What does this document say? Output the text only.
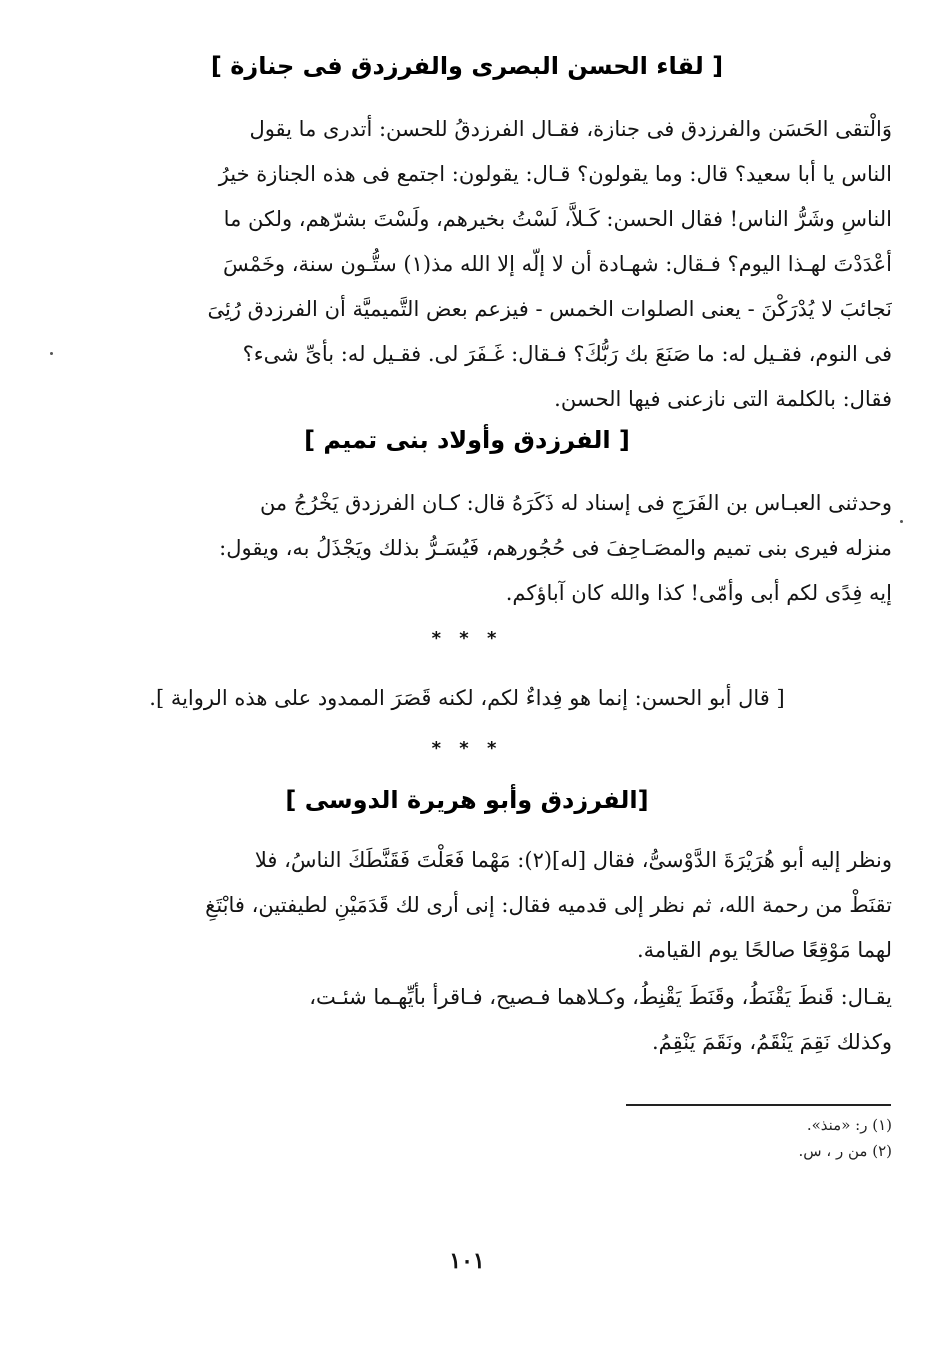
[ لقاء الحسن البصرى والفرزدق فى جنازة ]
وَالْتقى الحَسَن والفرزدق فى جنازة، فقـال الفرزدقُ للحسن: أتدرى ما يقول
الناس يا أبا سعيد؟ قال: وما يقولون؟ قـال: يقولون: اجتمع فى هذه الجنازة خيرُ
الناسِ وشَرُّ الناس! فقال الحسن: كَـلاَّ، لَسْتُ بخيرهم، ولَسْتَ بشرّهم، ولكن ما
أعْدَدْتَ لهـذا اليوم؟ فـقال: شهـادة أن لا إلّه إلا الله مذ(١) ستُّـون سنة، وخَمْسَ
نَجائبَ لا يُدْرَكْنَ - يعنى الصلوات الخمس - فيزعم بعض التَّميميَّة أن الفرزدق رُئِىَ
فى النوم، فقـيل له: ما صَنَعَ بك رَبُّكَ؟ فـقال: غَـفَرَ لى. فقـيل له: بأىِّ شىء؟
فقال: بالكلمة التى نازعنى فيها الحسن.
[ الفرزدق وأولاد بنى تميم ]
وحدثنى العبـاس بن الفَرَجِ فى إسناد له ذَكَرَهُ قال: كـان الفرزدق يَخْرُجُ من
منزله فيرى بنى تميم والمصَـاحِفَ فى حُجُورهم، فَيُسَـرُّ بذلك ويَجْذَلُ به، ويقول:
إيه فِدًى لكم أبى وأمّى! كذا والله كان آباؤكم.
* * *
[ قال أبو الحسن: إنما هو فِداءٌ لكم، لكنه قَصَرَ الممدود على هذه الرواية ].
* * *
[الفرزدق وأبو هريرة الدوسى ]
ونظر إليه أبو هُرَيْرَةَ الدَّوْسىُّ، فقال [له](٢): مَهْما فَعَلْتَ فَقَنَّطَكَ الناسُ، فلا
تقنَطْ من رحمة الله، ثم نظر إلى قدميه فقال: إنى أرى لك قَدَمَيْنِ لطيفتين، فابْتَغِ
لهما مَوْقِعًا صالحًا يوم القيامة.
يقـال: قَنطَ يَقْنَطُ، وقَنَطَ يَقْنِطُ، وكـلاهما فـصيح، فـاقرأ بأيِّهـما شئـت،
وكذلك نَقِمَ يَنْقَمُ، ونَقَمَ يَنْقِمُ.
(١) ر: «منذ».
(٢) من ر ، س.
١٠١
